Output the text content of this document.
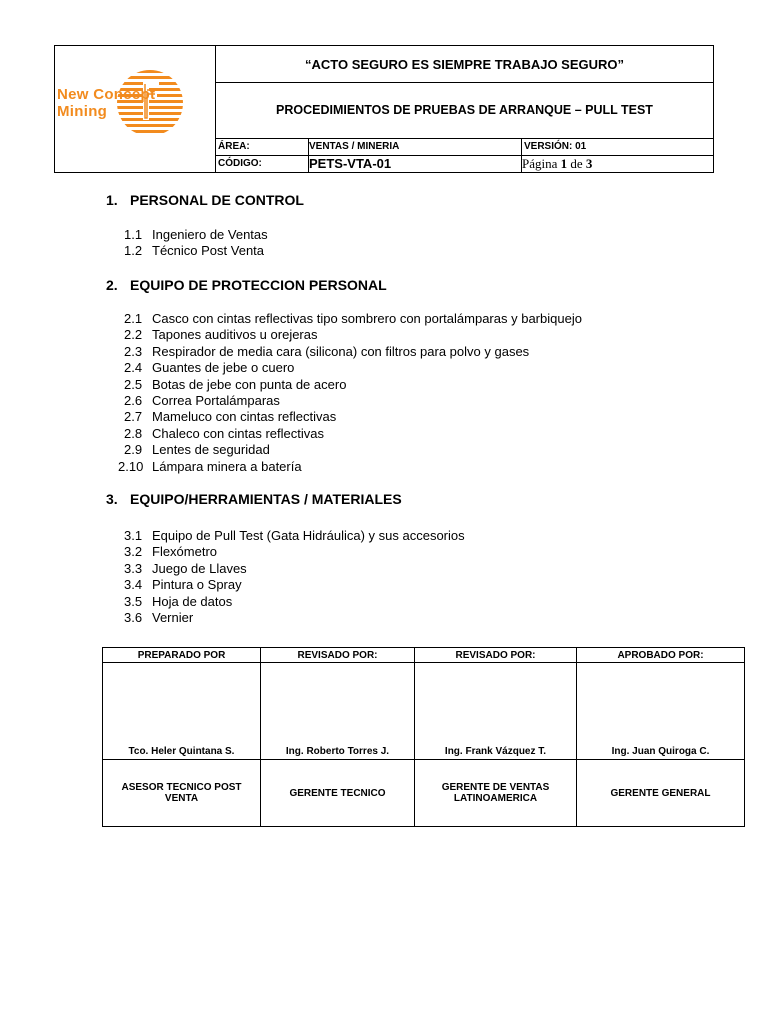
New Concept
Mining	“ACTO SEGURO ES SIEMPRE TRABAJO SEGURO”		
	PROCEDIMIENTOS DE PRUEBAS DE ARRANQUE – PULL TEST		
	ÁREA:	VENTAS / MINERIA	VERSIÓN: 01
	CÓDIGO:	PETS-VTA-01	Página 1 de 3
1. PERSONAL DE CONTROL
1.1 Ingeniero de Ventas
1.2 Técnico Post Venta
2. EQUIPO DE PROTECCION PERSONAL
2.1 Casco con cintas reflectivas tipo sombrero con portalámparas y barbiquejo
2.2 Tapones auditivos u orejeras
2.3 Respirador de media cara (silicona) con filtros para polvo y gases
2.4 Guantes de jebe o cuero
2.5 Botas de jebe con punta de acero
2.6 Correa Portalámparas
2.7 Mameluco con cintas reflectivas
2.8 Chaleco con cintas reflectivas
2.9 Lentes de seguridad
2.10 Lámpara minera a batería
3. EQUIPO/HERRAMIENTAS / MATERIALES
3.1 Equipo de Pull Test (Gata Hidráulica) y sus accesorios
3.2 Flexómetro
3.3 Juego de Llaves
3.4 Pintura o Spray
3.5 Hoja de datos
3.6 Vernier
PREPARADO POR	REVISADO POR:	REVISADO POR:	APROBADO POR:
Tco. Heler Quintana S.	Ing. Roberto Torres J.	Ing. Frank Vázquez T.	Ing. Juan Quiroga C.
ASESOR TECNICO POST VENTA	GERENTE TECNICO	GERENTE DE VENTAS LATINOAMERICA	GERENTE GENERAL
